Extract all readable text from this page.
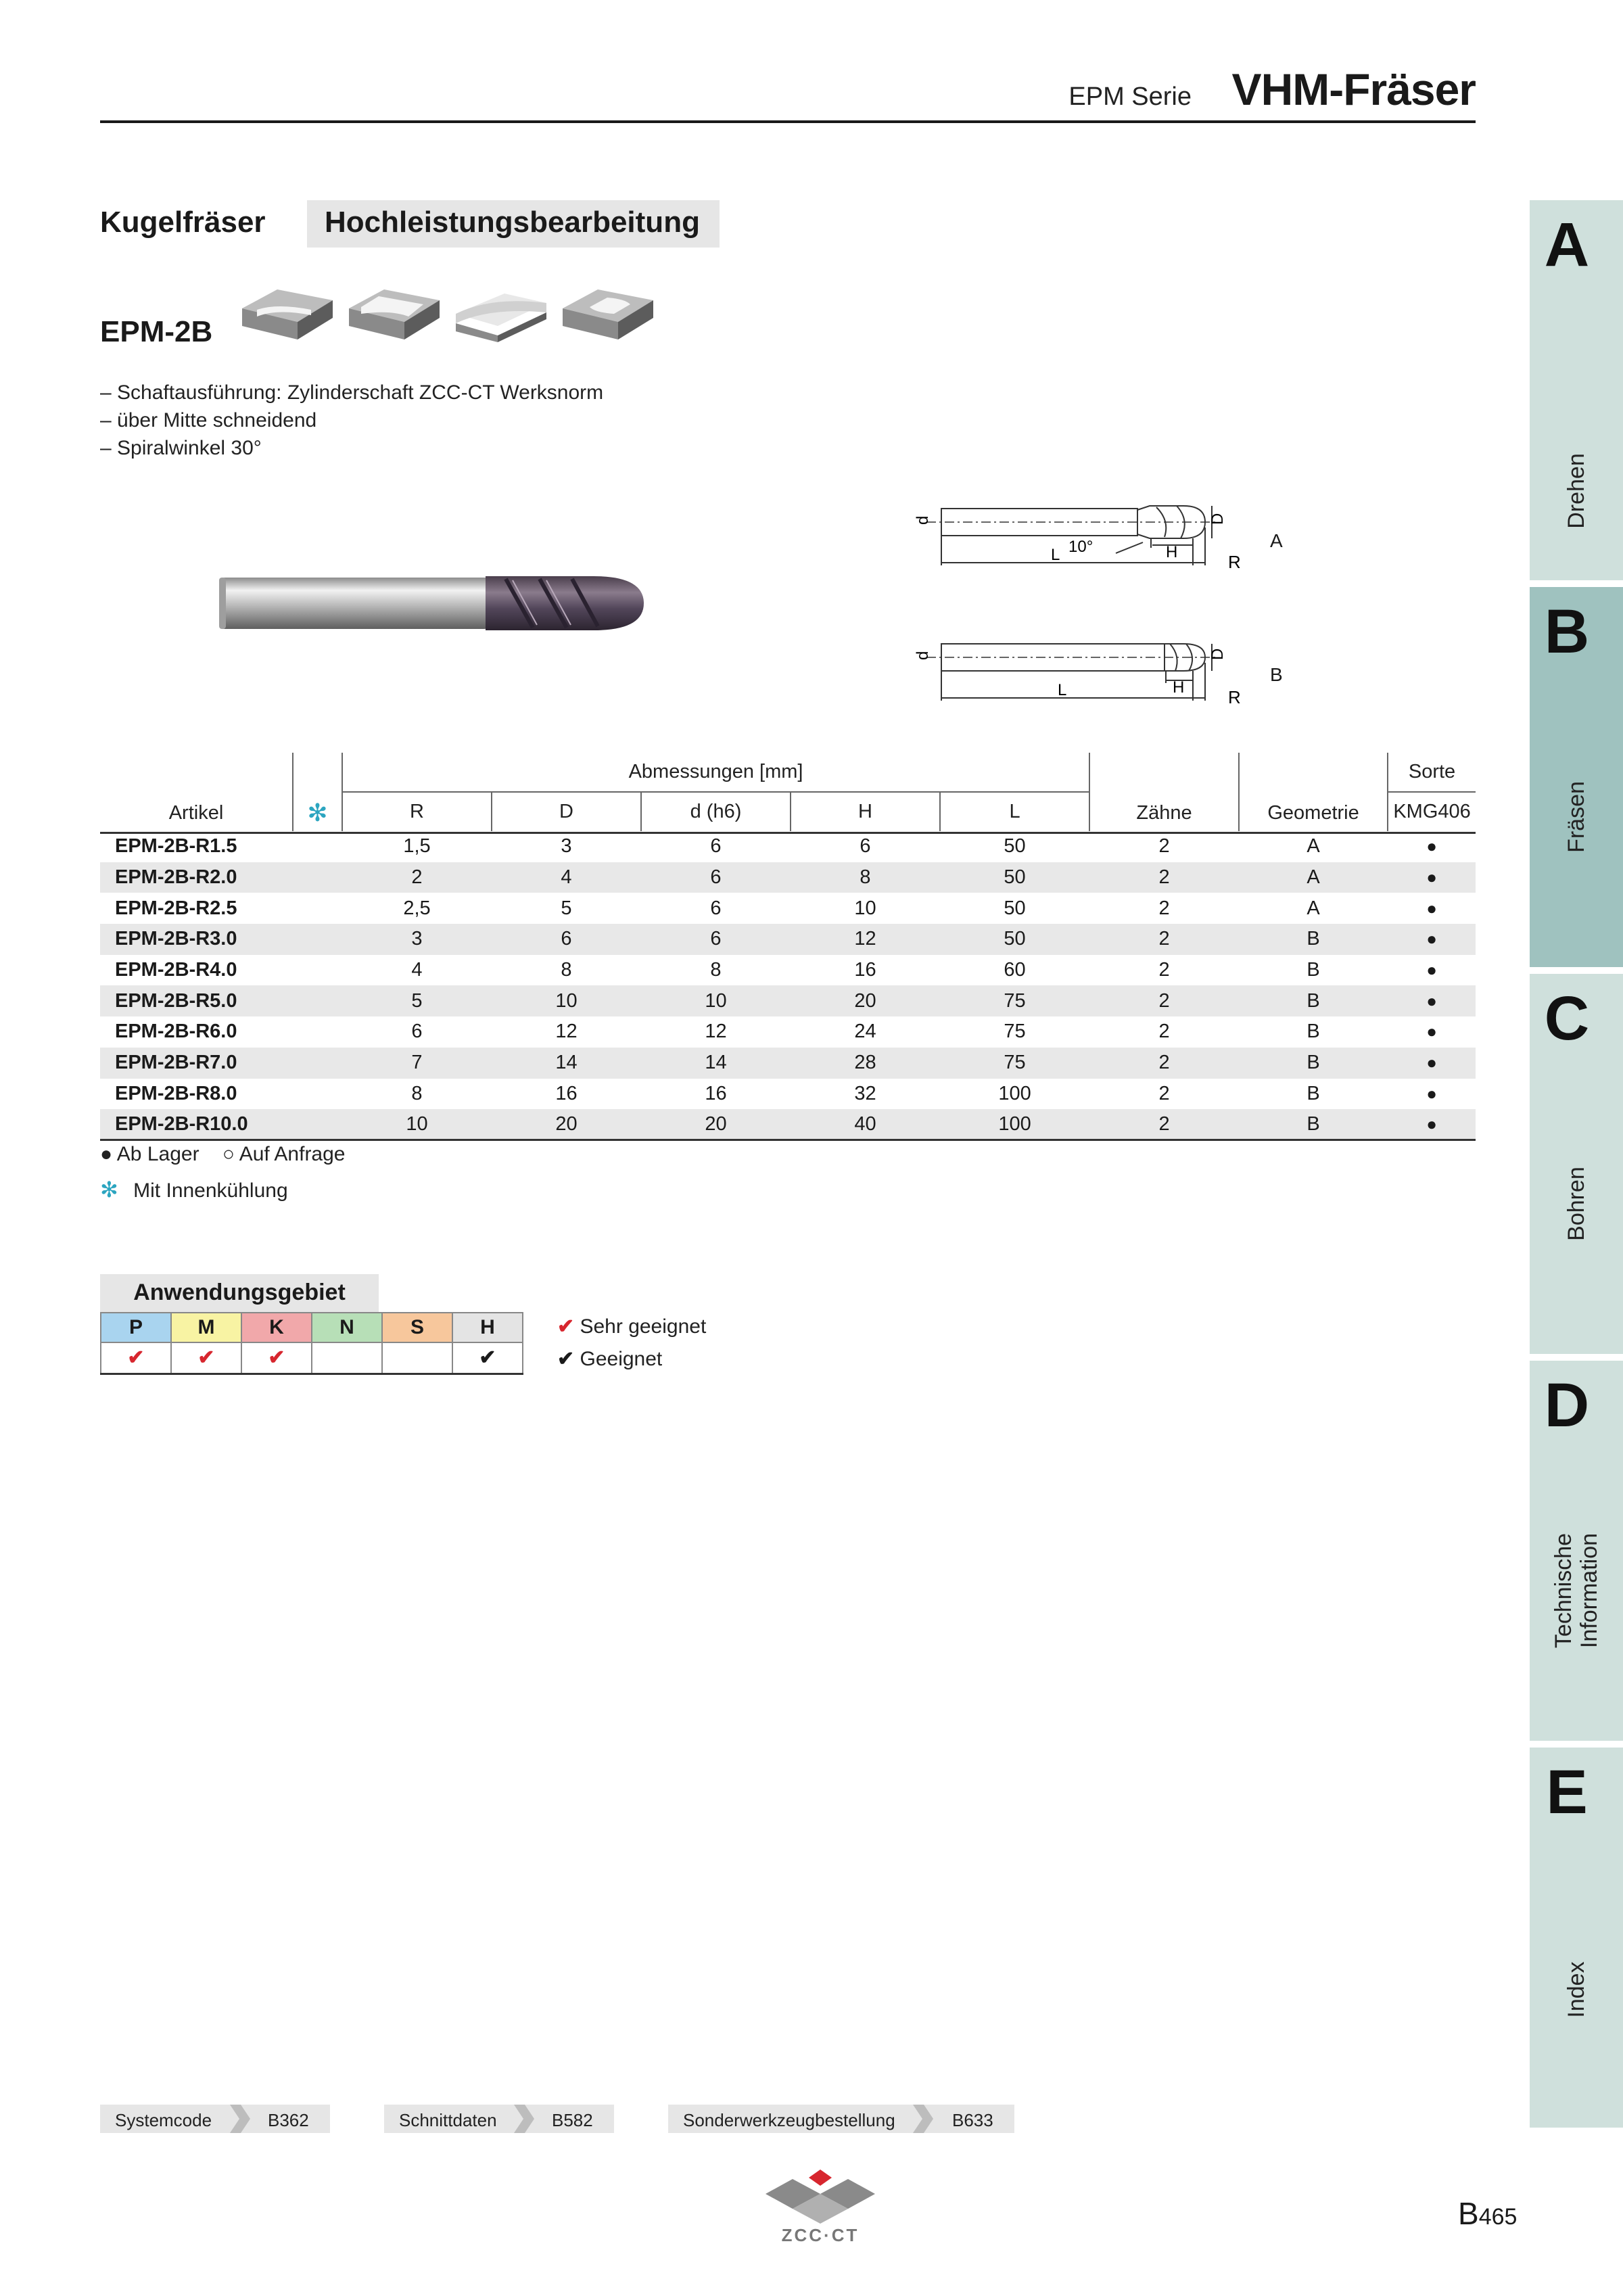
EPM Serie VHM-Fräser
Kugelfräser	Hochleistungsbearbeitung
EPM-2B
– Schaftausführung: Zylinderschaft ZCC-CT Werksnorm
– über Mitte schneidend
– Spiralwinkel 30°
d	D
L 10°	H	R
A
d	D
L	H R
B
Artikel	✻	Abmessungen [mm]					Zähne	Geometrie	Sorte
		R	D	d (h6)	H	L			KMG406
EPM-2B-R1.5		1,5	3	6	6	50	2	A	●
EPM-2B-R2.0		2	4	6	8	50	2	A	●
EPM-2B-R2.5		2,5	5	6	10	50	2	A	●
EPM-2B-R3.0		3	6	6	12	50	2	B	●
EPM-2B-R4.0		4	8	8	16	60	2	B	●
EPM-2B-R5.0		5	10	10	20	75	2	B	●
EPM-2B-R6.0		6	12	12	24	75	2	B	●
EPM-2B-R7.0		7	14	14	28	75	2	B	●
EPM-2B-R8.0		8	16	16	32	100	2	B	●
EPM-2B-R10.0		10	20	20	40	100	2	B	●
● Ab Lager ○ Auf Anfrage
✻ Mit Innenkühlung
Anwendungsgebiet
P	M	K	N	S	H
✔	✔	✔			✔
✔ Sehr geeignet
✔ Geeignet
A
Drehen
B
Fräsen
C
Bohren
D
Technische Information
E
Index
Systemcode	B362	Schnittdaten	B582	Sonderwerkzeugbestellung	B633
ZCC·CT
B465
